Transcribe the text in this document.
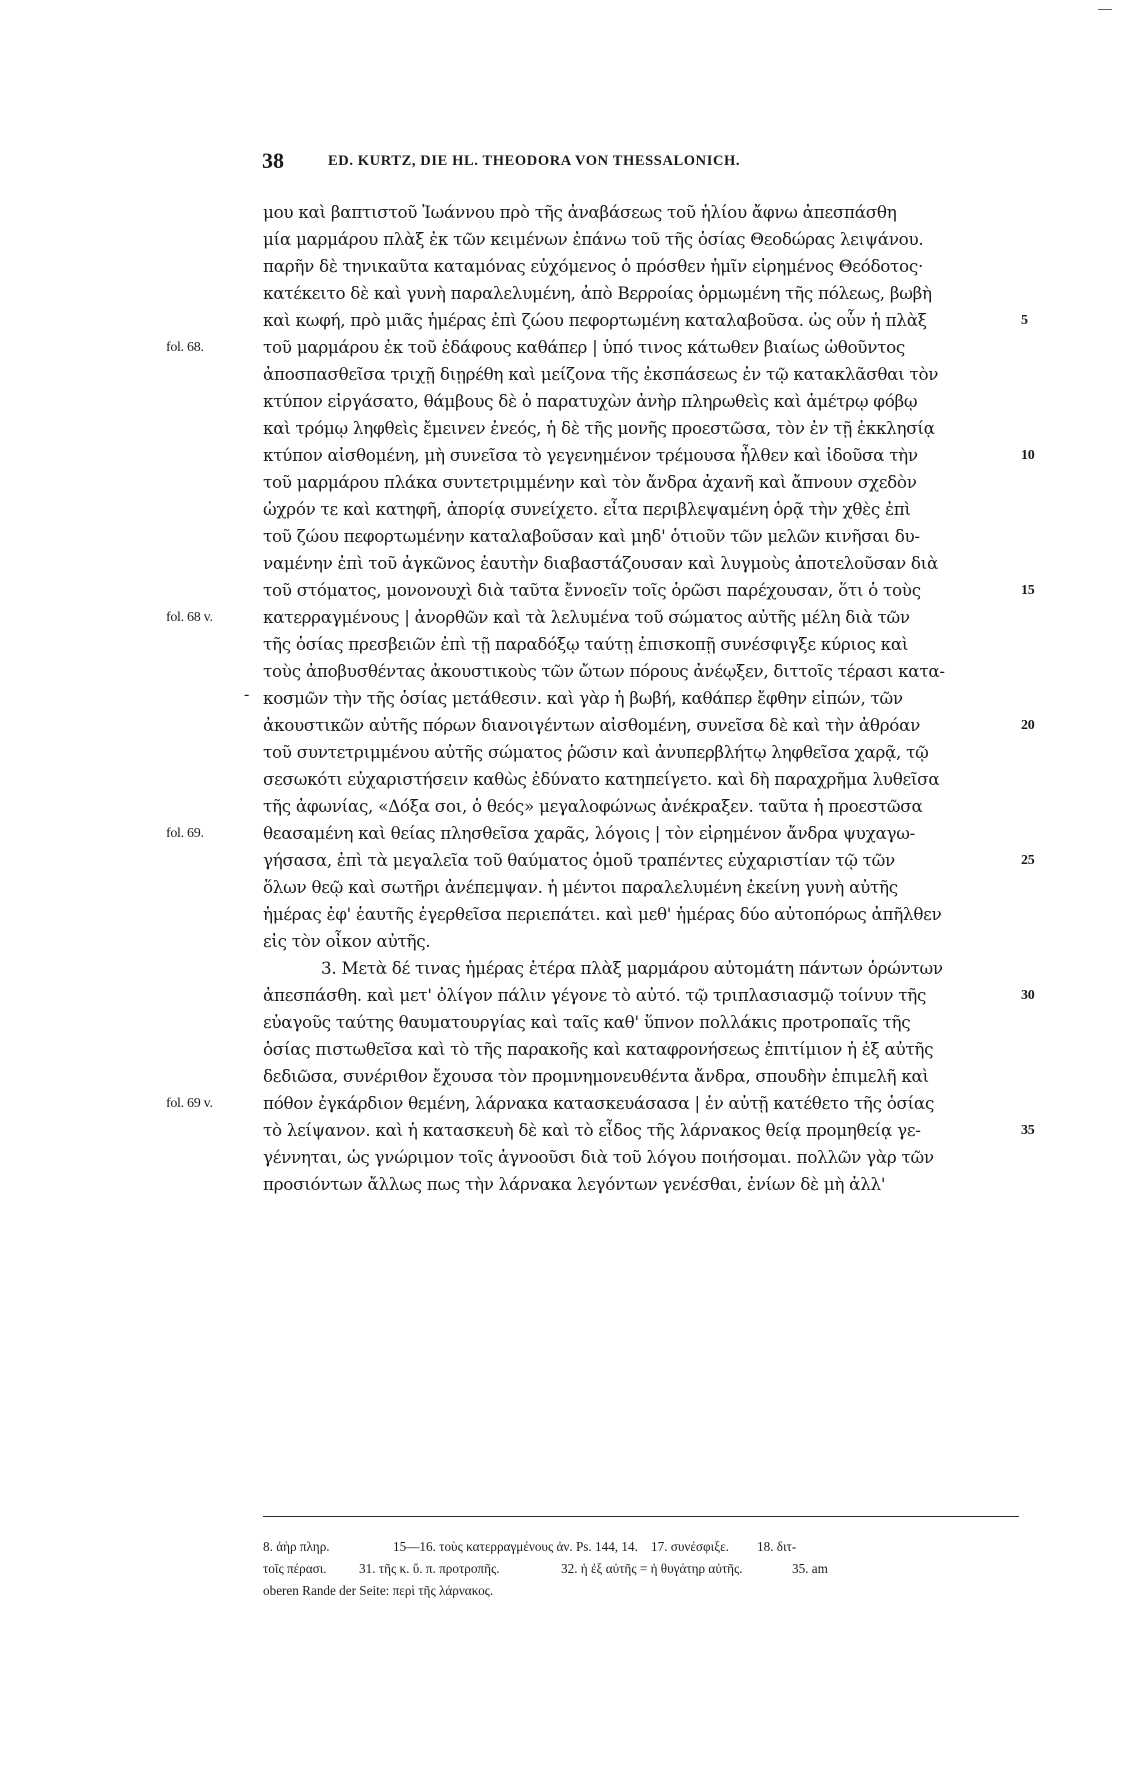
—
38	ED. KURTZ, DIE HL. THEODORA VON THESSALONICH.
μου καὶ βαπτιστοῦ Ἰωάννου πρὸ τῆς ἀναβάσεως τοῦ ἡλίου ἄφνω ἀπεσπάσθη
μία μαρμάρου πλὰξ ἐκ τῶν κειμένων ἐπάνω τοῦ τῆς ὁσίας Θεοδώρας λειψάνου.
παρῆν δὲ τηνικαῦτα καταμόνας εὐχόμενος ὁ πρόσθεν ἡμῖν εἰρημένος Θεόδοτος·
κατέκειτο δὲ καὶ γυνὴ παραλελυμένη, ἀπὸ Βερροίας ὁρμωμένη τῆς πόλεως, βωβὴ
καὶ κωφή, πρὸ μιᾶς ἡμέρας ἐπὶ ζώου πεφορτωμένη καταλαβοῦσα. ὡς οὖν ἡ πλὰξ	5
τοῦ μαρμάρου ἐκ τοῦ ἐδάφους καθάπερ | ὑπό τινος κάτωθεν βιαίως ὠθοῦντος
fol. 68.
ἀποσπασθεῖσα τριχῇ διῃρέθη καὶ μείζονα τῆς ἐκσπάσεως ἐν τῷ κατακλᾶσθαι τὸν
κτύπον εἰργάσατο, θάμβους δὲ ὁ παρατυχὼν ἀνὴρ πληρωθεὶς καὶ ἀμέτρῳ φόβῳ
καὶ τρόμῳ ληφθεὶς ἔμεινεν ἐνεός, ἡ δὲ τῆς μονῆς προεστῶσα, τὸν ἐν τῇ ἐκκλησίᾳ
κτύπον αἰσθομένη, μὴ συνεῖσα τὸ γεγενημένον τρέμουσα ἦλθεν καὶ ἰδοῦσα τὴν	10
τοῦ μαρμάρου πλάκα συντετριμμένην καὶ τὸν ἄνδρα ἀχανῆ καὶ ἄπνουν σχεδὸν
ὠχρόν τε καὶ κατηφῆ, ἀπορίᾳ συνείχετο. εἶτα περιβλεψαμένη ὁρᾷ τὴν χθὲς ἐπὶ
τοῦ ζώου πεφορτωμένην καταλαβοῦσαν καὶ μηδ' ὁτιοῦν τῶν μελῶν κινῆσαι δυ-
ναμένην ἐπὶ τοῦ ἀγκῶνος ἑαυτὴν διαβαστάζουσαν καὶ λυγμοὺς ἀποτελοῦσαν διὰ
τοῦ στόματος, μονονουχὶ διὰ ταῦτα ἔννοεῖν τοῖς ὁρῶσι παρέχουσαν, ὅτι ὁ τοὺς	15
κατερραγμένους | ἀνορθῶν καὶ τὰ λελυμένα τοῦ σώματος αὐτῆς μέλη διὰ τῶν
fol. 68 v.
τῆς ὁσίας πρεσβειῶν ἐπὶ τῇ παραδόξῳ ταύτῃ ἐπισκοπῇ συνέσφιγξε κύριος καὶ
τοὺς ἀποβυσθέντας ἀκουστικοὺς τῶν ὤτων πόρους ἀνέῳξεν, διττοῖς τέρασι κατα-
κοσμῶν τὴν τῆς ὁσίας μετάθεσιν. καὶ γὰρ ἡ βωβή, καθάπερ ἔφθην εἰπών, τῶν
-
ἀκουστικῶν αὐτῆς πόρων διανοιγέντων αἰσθομένη, συνεῖσα δὲ καὶ τὴν ἀθρόαν	20
τοῦ συντετριμμένου αὐτῆς σώματος ῥῶσιν καὶ ἀνυπερβλήτῳ ληφθεῖσα χαρᾷ, τῷ
σεσωκότι εὐχαριστήσειν καθὼς ἐδύνατο κατηπείγετο. καὶ δὴ παραχρῆμα λυθεῖσα
τῆς ἀφωνίας, «Δόξα σοι, ὁ θεός» μεγαλοφώνως ἀνέκραξεν. ταῦτα ἡ προεστῶσα
θεασαμένη καὶ θείας πλησθεῖσα χαρᾶς, λόγοις | τὸν εἰρημένον ἄνδρα ψυχαγω-
fol. 69.
γήσασα, ἐπὶ τὰ μεγαλεῖα τοῦ θαύματος ὁμοῦ τραπέντες εὐχαριστίαν τῷ τῶν	25
ὅλων θεῷ καὶ σωτῆρι ἀνέπεμψαν. ἡ μέντοι παραλελυμένη ἐκείνη γυνὴ αὐτῆς
ἡμέρας ἐφ' ἑαυτῆς ἐγερθεῖσα περιεπάτει. καὶ μεθ' ἡμέρας δύο αὐτοπόρως ἀπῆλθεν
εἰς τὸν οἶκον αὐτῆς.
3. Μετὰ δέ τινας ἡμέρας ἑτέρα πλὰξ μαρμάρου αὐτομάτη πάντων ὁρώντων
ἀπεσπάσθη. καὶ μετ' ὀλίγον πάλιν γέγονε τὸ αὐτό. τῷ τριπλασιασμῷ τοίνυν τῆς	30
εὐαγοῦς ταύτης θαυματουργίας καὶ ταῖς καθ' ὕπνον πολλάκις προτροπαῖς τῆς
ὁσίας πιστωθεῖσα καὶ τὸ τῆς παρακοῆς καὶ καταφρονήσεως ἐπιτίμιον ἡ ἐξ αὐτῆς
δεδιῶσα, συνέριθον ἔχουσα τὸν προμνημονευθέντα ἄνδρα, σπουδὴν ἐπιμελῆ καὶ
πόθον ἐγκάρδιον θεμένη, λάρνακα κατασκευάσασα | ἐν αὐτῇ κατέθετο τῆς ὁσίας
fol. 69 v.
τὸ λείψανον. καὶ ἡ κατασκευὴ δὲ καὶ τὸ εἶδος τῆς λάρνακος θείᾳ προμηθείᾳ γε-	35
γέννηται, ὡς γνώριμον τοῖς ἀγνοοῦσι διὰ τοῦ λόγου ποιήσομαι. πολλῶν γὰρ τῶν
προσιόντων ἄλλως πως τὴν λάρνακα λεγόντων γενέσθαι, ἐνίων δὲ μὴ ἀλλ'
8. ἀὴρ πληρ.	15—16. τοὺς κατερραγμένους ἀν. Ps. 144, 14. 17. συνέσφιξε. 18. διτ-
τοῖς πέρασι. 31. τῆς κ. ὕ. π. προτροπῆς.	32. ἡ ἐξ αὐτῆς = ἡ θυγάτηρ αὐτῆς.	35. am
oberen Rande der Seite: περὶ τῆς λάρνακος.
